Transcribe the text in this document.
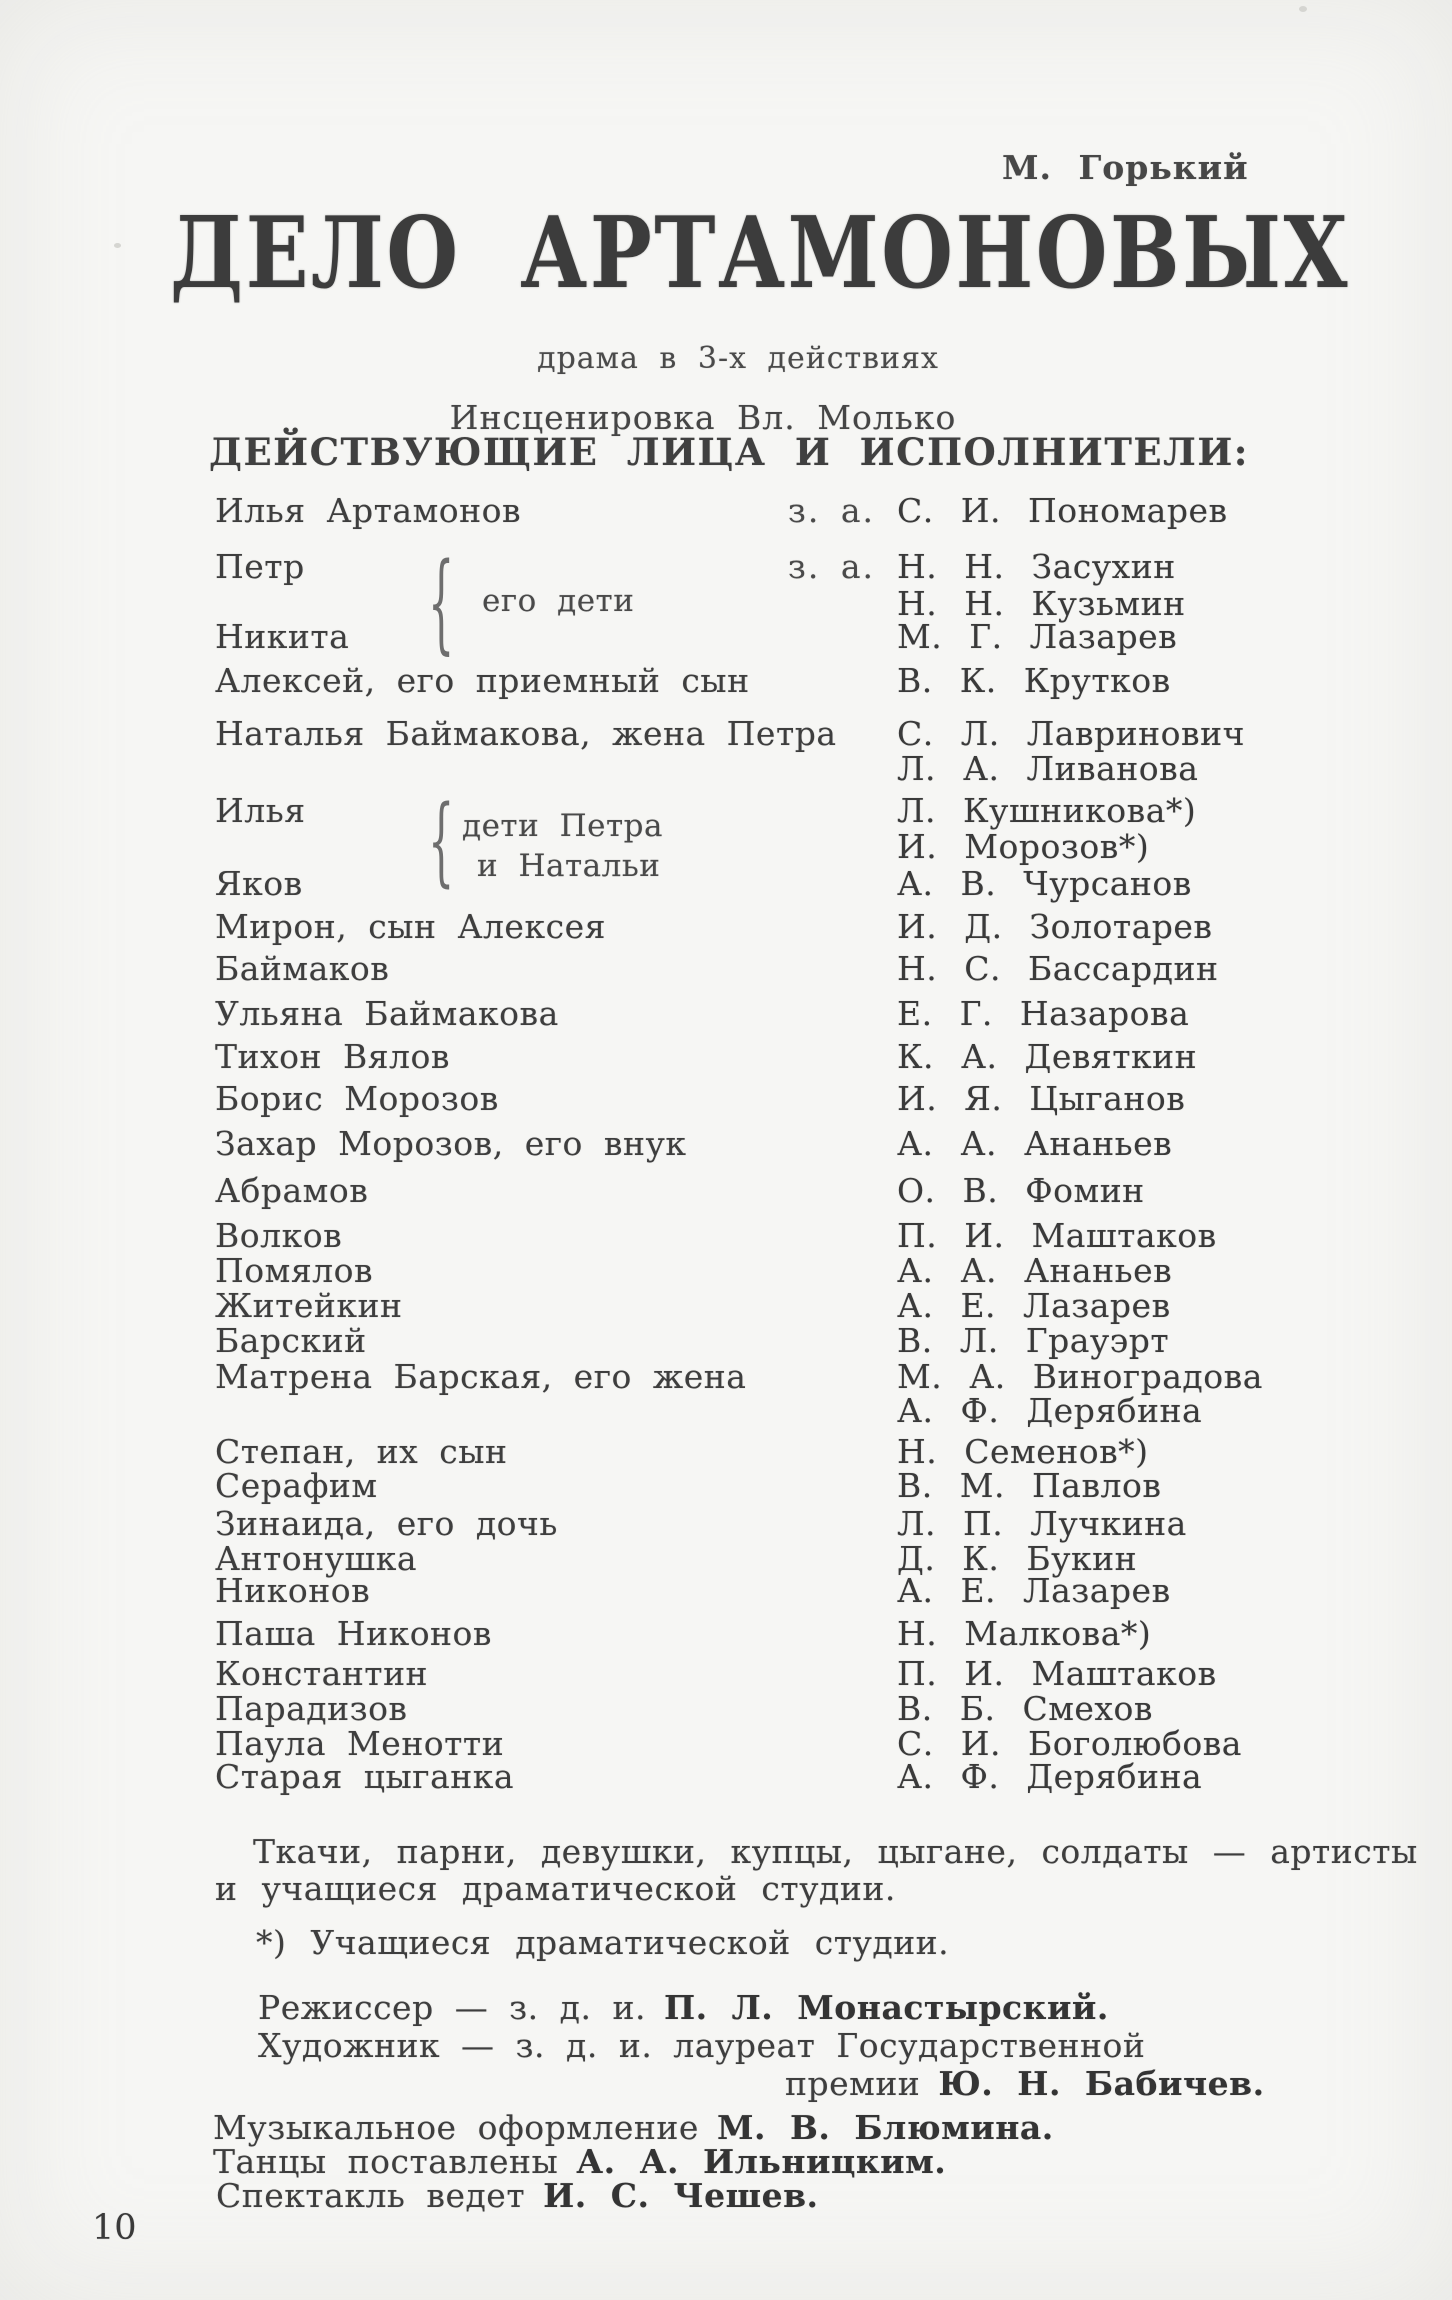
М. Горький
ДЕЛО АРТАМОНОВЫХ
драма в 3-х действиях
Инсценировка Вл. Молько
ДЕЙСТВУЮЩИЕ ЛИЦА И ИСПОЛНИТЕЛИ:
Илья Артамонов	з. а. С. И. Пономарев
Петр	з. а. Н. Н. Засухин
Н. Н. Кузьмин
Никита	М. Г. Лазарев
Алексей, его приемный сын	В. К. Крутков
Наталья Баймакова, жена Петра	С. Л. Лавринович
Л. А. Ливанова
Илья	Л. Кушникова*)
И. Морозов*)
Яков	А. В. Чурсанов
Мирон, сын Алексея	И. Д. Золотарев
Баймаков	Н. С. Бассардин
Ульяна Баймакова	Е. Г. Назарова
Тихон Вялов	К. А. Девяткин
Борис Морозов	И. Я. Цыганов
Захар Морозов, его внук	А. А. Ананьев
Абрамов	О. В. Фомин
Волков	П. И. Маштаков
Помялов	А. А. Ананьев
Житейкин	А. Е. Лазарев
Барский	В. Л. Грауэрт
Матрена Барская, его жена	М. А. Виноградова
А. Ф. Дерябина
Степан, их сын	Н. Семенов*)
Серафим	В. М. Павлов
Зинаида, его дочь	Л. П. Лучкина
Антонушка	Д. К. Букин
Никонов	А. Е. Лазарев
Паша Никонов	Н. Малкова*)
Константин	П. И. Маштаков
Парадизов	В. Б. Смехов
Паула Менотти	С. И. Боголюбова
Старая цыганка	А. Ф. Дерябина
{ его дети
{ дети Петра
и Натальи
Ткачи, парни, девушки, купцы, цыгане, солдаты — артисты
и учащиеся драматической студии.
*) Учащиеся драматической студии.
Режиссер — з. д. и. П. Л. Монастырский.
Художник — з. д. и. лауреат Государственной
премии Ю. Н. Бабичев.
Музыкальное оформление М. В. Блюмина.
Танцы поставлены А. А. Ильницким.
Спектакль ведет И. С. Чешев.
10
